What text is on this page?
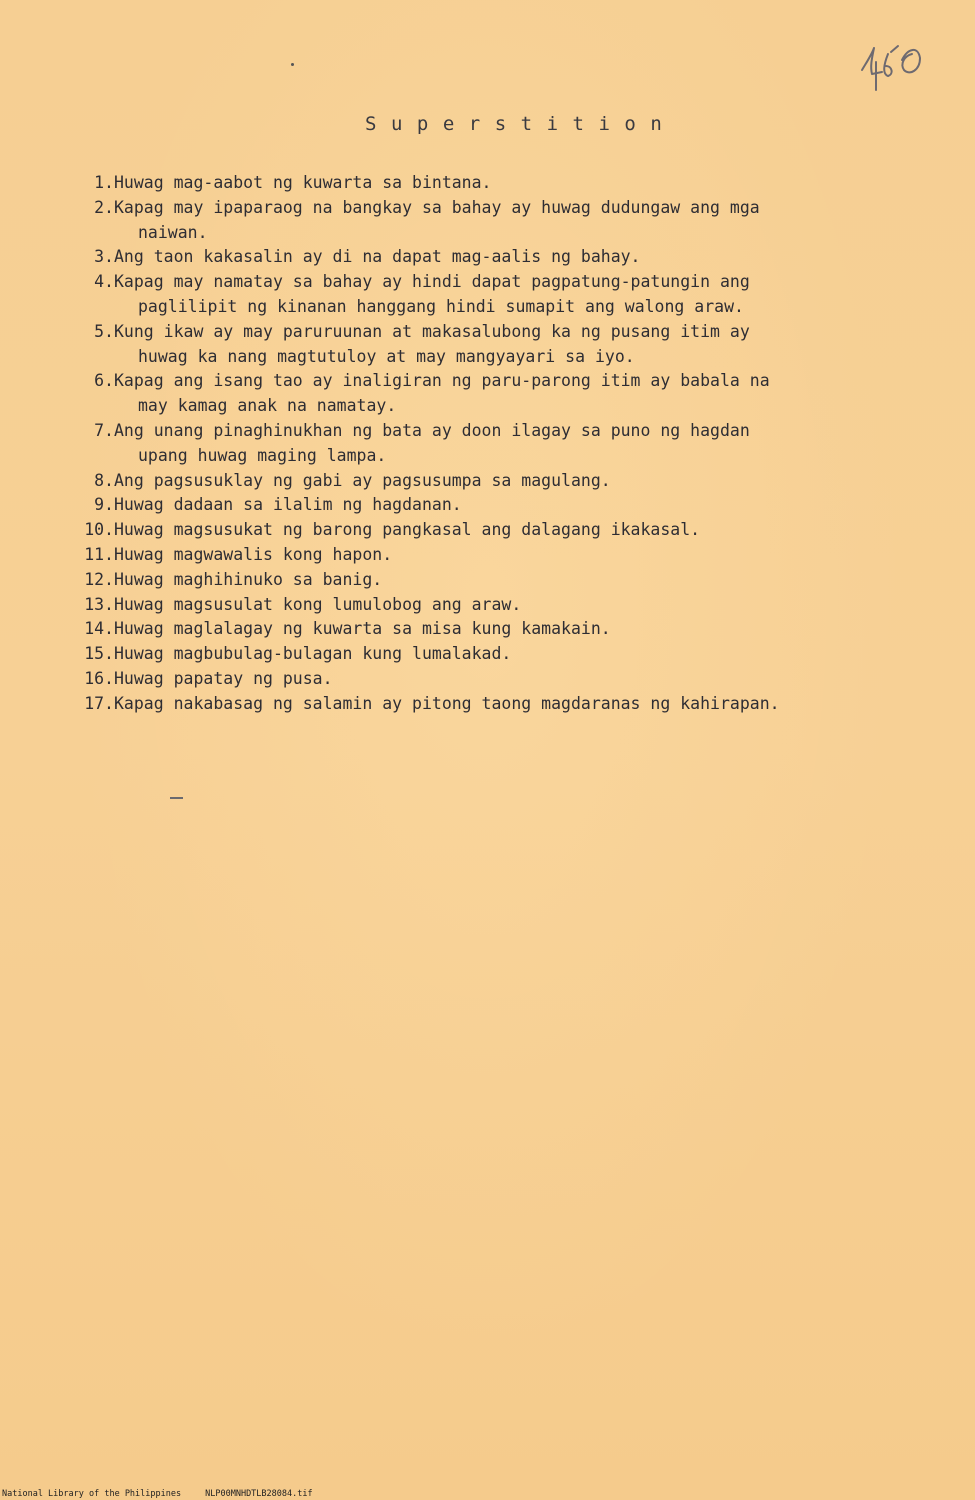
Superstition
1. Huwag mag-aabot ng kuwarta sa bintana.
2. Kapag may ipaparaog na bangkay sa bahay ay huwag dudungaw ang mga
naiwan.
3. Ang taon kakasalin ay di na dapat mag-aalis ng bahay.
4. Kapag may namatay sa bahay ay hindi dapat pagpatung-patungin ang
paglilipit ng kinanan hanggang hindi sumapit ang walong araw.
5. Kung ikaw ay may paruruunan at makasalubong ka ng pusang itim ay
huwag ka nang magtutuloy at may mangyayari sa iyo.
6. Kapag ang isang tao ay inaligiran ng paru-parong itim ay babala na
may kamag anak na namatay.
7. Ang unang pinaghinukhan ng bata ay doon ilagay sa puno ng hagdan
upang huwag maging lampa.
8. Ang pagsusuklay ng gabi ay pagsusumpa sa magulang.
9. Huwag dadaan sa ilalim ng hagdanan.
10. Huwag magsusukat ng barong pangkasal ang dalagang ikakasal.
11. Huwag magwawalis kong hapon.
12. Huwag maghihinuko sa banig.
13. Huwag magsusulat kong lumulobog ang araw.
14. Huwag maglalagay ng kuwarta sa misa kung kamakain.
15. Huwag magbubulag-bulagan kung lumalakad.
16. Huwag papatay ng pusa.
17. Kapag nakabasag ng salamin ay pitong taong magdaranas ng kahirapan.
National Library of the Philippines	NLP00MNHDTLB28084.tif
